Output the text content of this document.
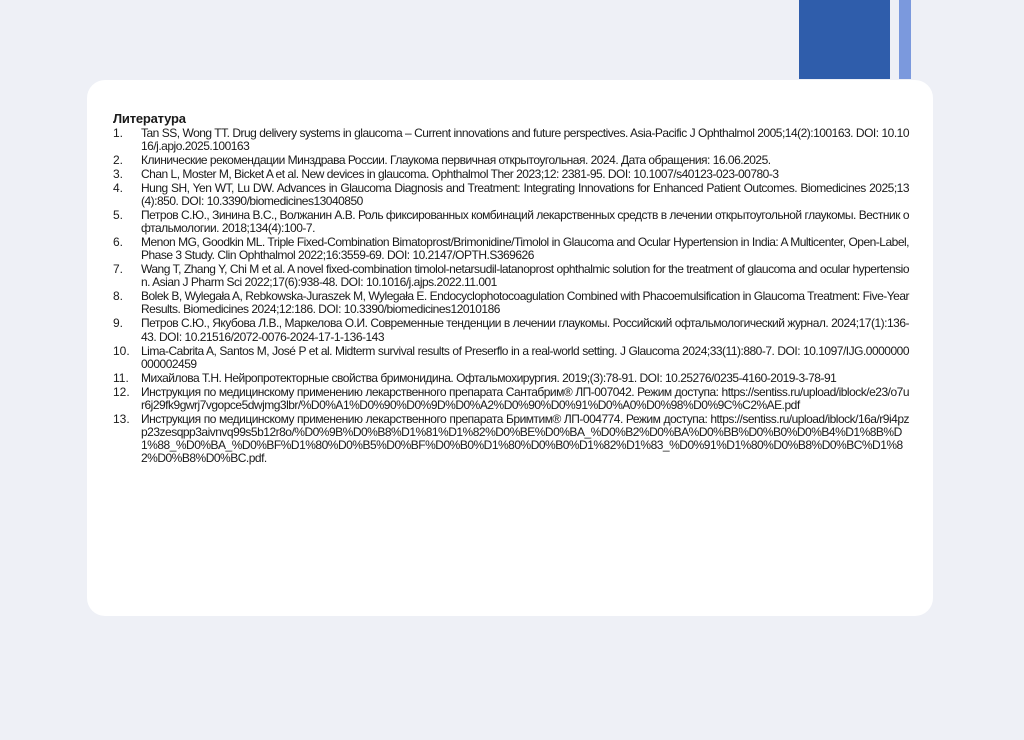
Литература
1.	Tan SS, Wong TT. Drug delivery systems in glaucoma – Current innovations and future perspectives. Asia-Pacific J Ophthalmol 2005;14(2):100163. DOI: 10.1016/j.apjo.2025.100163
2.	Клинические рекомендации Минздрава России. Глаукома первичная открытоугольная. 2024. Дата обращения: 16.06.2025.
3.	Chan L, Moster M, Bicket A et al. New devices in glaucoma. Ophthalmol Ther 2023;12: 2381-95. DOI: 10.1007/s40123-023-00780-3
4.	Hung SH, Yen WT, Lu DW. Advances in Glaucoma Diagnosis and Treatment: Integrating Innovations for Enhanced Patient Outcomes. Biomedicines 2025;13(4):850. DOI: 10.3390/biomedicines13040850
5.	Петров С.Ю., Зинина В.С., Волжанин А.В. Роль фиксированных комбинаций лекарственных средств в лечении открытоугольной глаукомы. Вестник офтальмологии. 2018;134(4):100-7.
6.	Menon MG, Goodkin ML. Triple Fixed-Combination Bimatoprost/Brimonidine/Timolol in Glaucoma and Ocular Hypertension in India: A Multicenter, Open-Label, Phase 3 Study. Clin Ophthalmol 2022;16:3559-69. DOI: 10.2147/OPTH.S369626
7.	Wang T, Zhang Y, Chi M et al. A novel fixed-combination timolol-netarsudil-latanoprost ophthalmic solution for the treatment of glaucoma and ocular hypertension. Asian J Pharm Sci 2022;17(6):938-48. DOI: 10.1016/j.ajps.2022.11.001
8.	Bolek B, Wylegała A, Rebkowska-Juraszek M, Wylegała E. Endocyclophotocoagulation Combined with Phacoemulsification in Glaucoma Treatment: Five-Year Results. Biomedicines 2024;12:186. DOI: 10.3390/biomedicines12010186
9.	Петров С.Ю., Якубова Л.В., Маркелова О.И. Современные тенденции в лечении глаукомы. Российский офтальмологический журнал. 2024;17(1):136-43. DOI: 10.21516/2072-0076-2024-17-1-136-143
10. Lima-Cabrita A, Santos M, José P et al. Midterm survival results of Preserflo in a real-world setting. J Glaucoma 2024;33(11):880-7. DOI: 10.1097/IJG.0000000000002459
11.	Михайлова Т.Н. Нейропротекторные свойства бримонидина. Офтальмохирургия. 2019;(3):78-91. DOI: 10.25276/0235-4160-2019-3-78-91
12. Инструкция по медицинскому применению лекарственного препарата Сантабрим® ЛП-007042. Режим доступа: https://sentiss.ru/upload/iblock/e23/o7ur6j29fk9gwrj7vgopce5dwjmg3lbr/%D0%A1%D0%90%D0%9D%D0%A2%D0%90%D0%91%D0%A0%D0%98%D0%9C%C2%AE.pdf
13. Инструкция по медицинскому применению лекарственного препарата Бримтим® ЛП-004774. Режим доступа: https://sentiss.ru/upload/iblock/16a/r9i4pzp23zesqpp3aivnvq99s5b12r8o/%D0%9B%D0%B8%D1%81%D1%82%D0%BE%D0%BA_%D0%B2%D0%BA%D0%BB%D0%B0%D0%B4%D1%8B%D1%88_%D0%BA_%D0%BF%D1%80%D0%B5%D0%BF%D0%B0%D1%80%D0%B0%D1%82%D1%83_%D0%91%D1%80%D0%B8%D0%BC%D1%82%D0%B8%D0%BC.pdf.
